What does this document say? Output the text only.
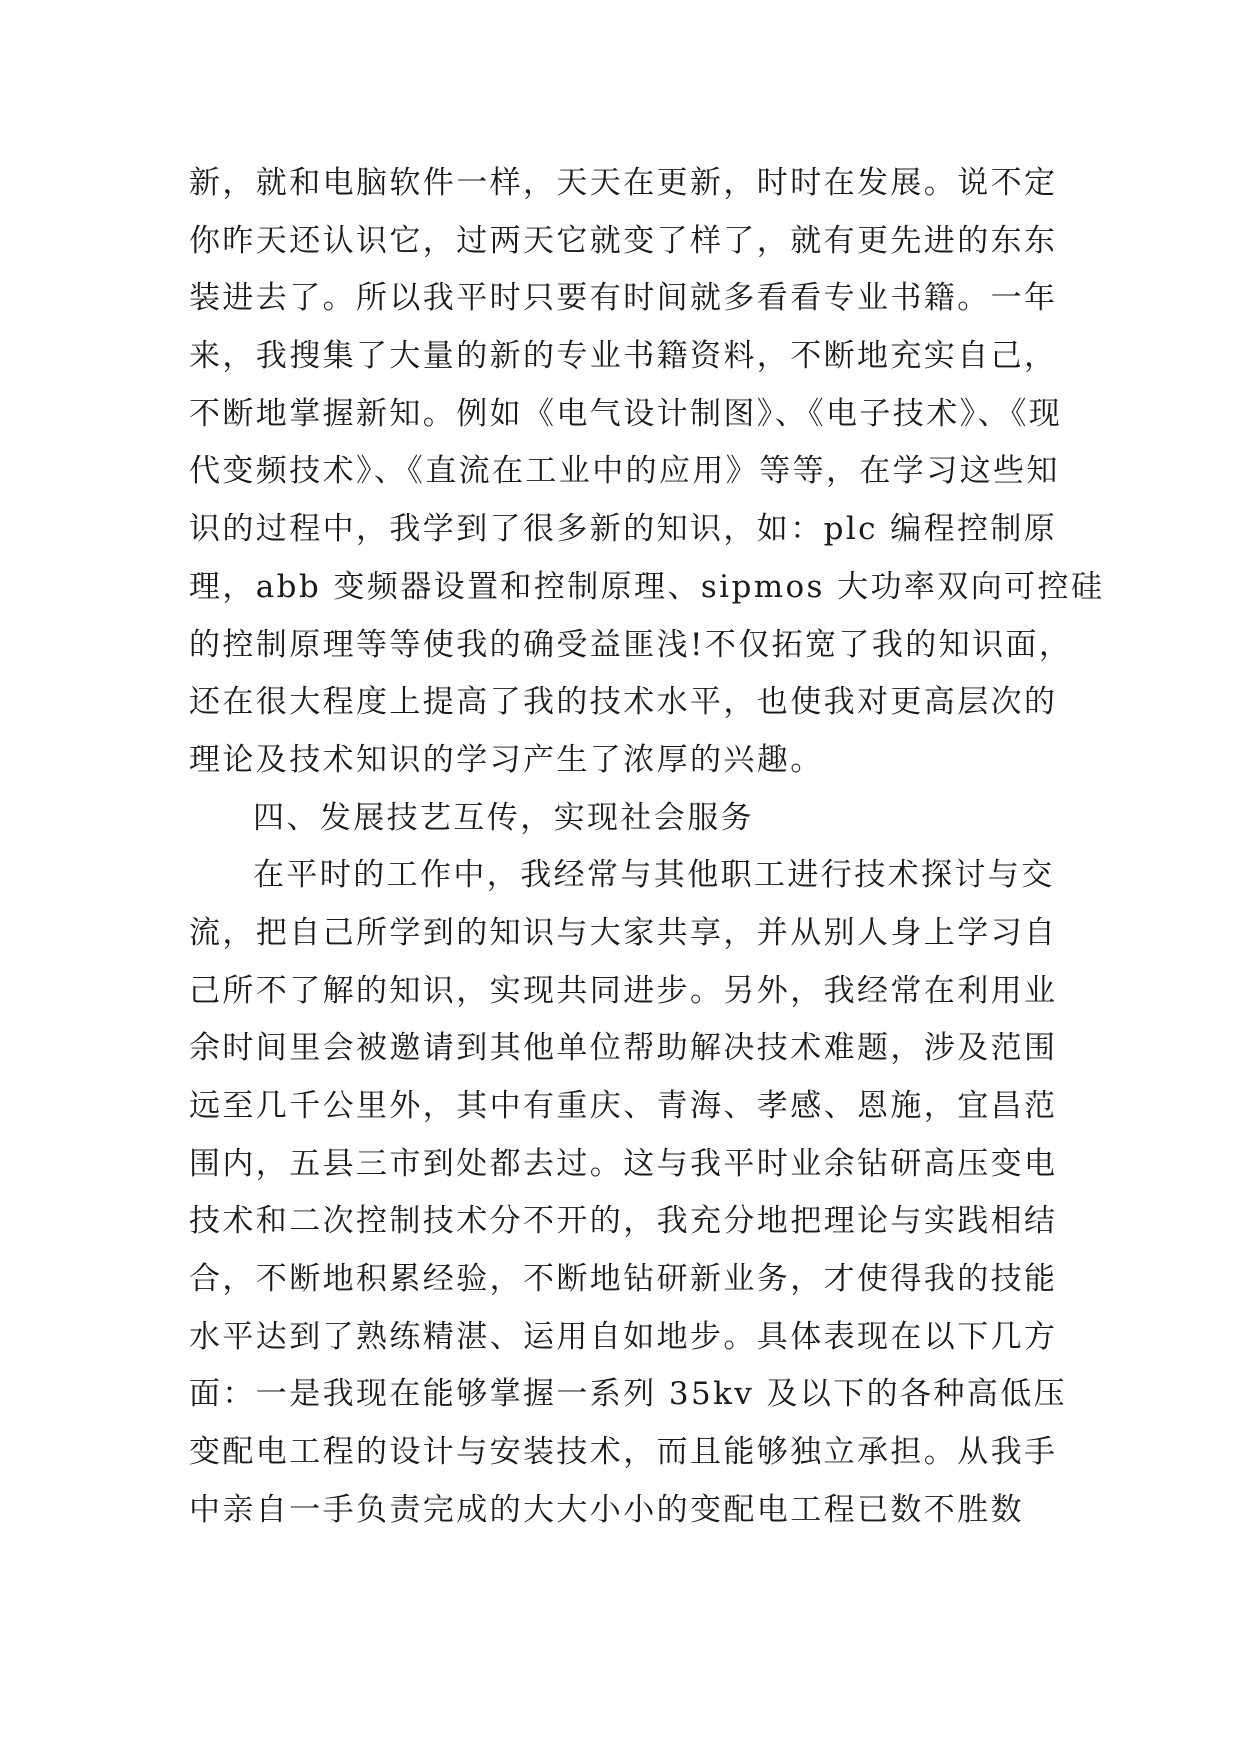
新，就和电脑软件一样，天天在更新，时时在发展。说不定
你昨天还认识它，过两天它就变了样了，就有更先进的东东
装进去了。所以我平时只要有时间就多看看专业书籍。一年
来，我搜集了大量的新的专业书籍资料，不断地充实自己，
不断地掌握新知。例如《电气设计制图》、《电子技术》、《现
代变频技术》、《直流在工业中的应用》等等，在学习这些知
识的过程中，我学到了很多新的知识，如：plc 编程控制原
理，abb 变频器设置和控制原理、sipmos 大功率双向可控硅
的控制原理等等使我的确受益匪浅!不仅拓宽了我的知识面，
还在很大程度上提高了我的技术水平，也使我对更高层次的
理论及技术知识的学习产生了浓厚的兴趣。
四、发展技艺互传，实现社会服务
在平时的工作中，我经常与其他职工进行技术探讨与交
流，把自己所学到的知识与大家共享，并从别人身上学习自
己所不了解的知识，实现共同进步。另外，我经常在利用业
余时间里会被邀请到其他单位帮助解决技术难题，涉及范围
远至几千公里外，其中有重庆、青海、孝感、恩施，宜昌范
围内，五县三市到处都去过。这与我平时业余钻研高压变电
技术和二次控制技术分不开的，我充分地把理论与实践相结
合，不断地积累经验，不断地钻研新业务，才使得我的技能
水平达到了熟练精湛、运用自如地步。具体表现在以下几方
面：一是我现在能够掌握一系列 35kv 及以下的各种高低压
变配电工程的设计与安装技术，而且能够独立承担。从我手
中亲自一手负责完成的大大小小的变配电工程已数不胜数
